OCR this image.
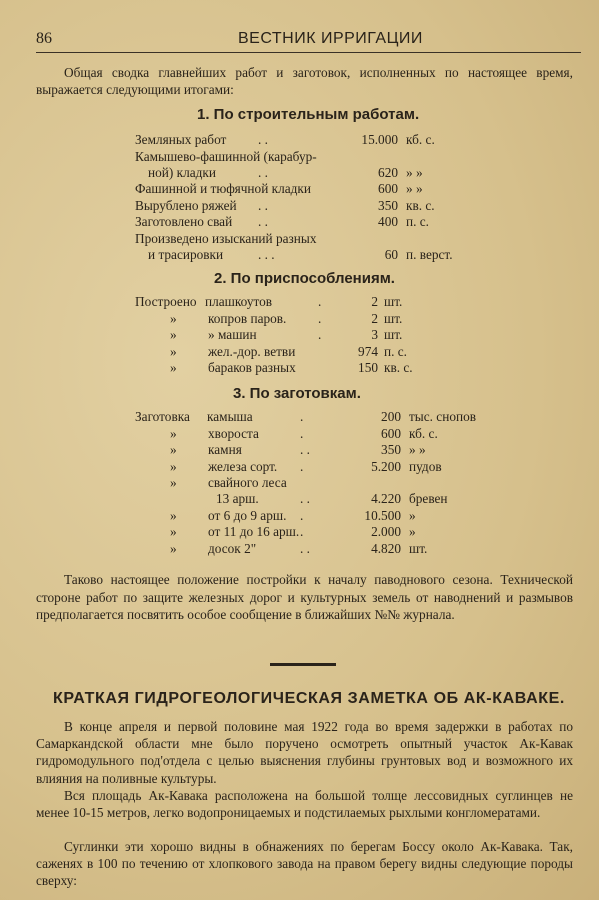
86	ВЕСТНИК ИРРИГАЦИИ
Общая сводка главнейших работ и заготовок, исполненных по настоящее время, выражается следующими итогами:
1. По строительным работам.
Земляных работ . .	15.000 кб. с.
Камышево-фашинной (карабур-
ной) кладки	. .	620 » »
Фашинной и тюфячной кладки	600 » »
Вырублено ряжей . .	350 кв. с.
Заготовлено свай . .	400 п. с.
Произведено изысканий разных
и трасировки	. . .	60 п. верст.
2. По приспособлениям.
Построено плашкоутов	.	2 шт.
» копров паров. .	2 шт.
» » машин	.	3 шт.
» жел.-дор. ветви	974 п. с.
» бараков разных	150 кв. с.
3. По заготовкам.
Заготовка камыша	.	200 тыс. снопов
» хвороста	.	600 кб. с.
» камня	. .	350 » »
» железа сорт. .	5.200 пудов
» свайного леса
13 арш.	. .	4.220 бревен
» от 6 до 9 арш. .	10.500 »
» от 11 до 16 арш. .	2.000 »
» досок 2"	. .	4.820 шт.
Таково настоящее положение постройки к началу паводнового сезона. Технической стороне работ по защите железных дорог и культурных земель от наводнений и размывов предполагается посвятить особое сообщение в ближайших №№ журнала.
КРАТКАЯ ГИДРОГЕОЛОГИЧЕСКАЯ ЗАМЕТКА ОБ АК-КАВАКЕ.
В конце апреля и первой половине мая 1922 года во время задержки в работах по Самаркандской области мне было поручено осмотреть опытный участок Ак-Кавак гидромодульного под'отдела с целью выяснения глубины грунтовых вод и возможного их влияния на поливные культуры.
Вся площадь Ак-Кавака расположена на большой толще лессовидных суглинцев не менее 10-15 метров, легко водопроницаемых и подстилаемых рыхлыми конгломератами.
Суглинки эти хорошо видны в обнажениях по берегам Боссу около Ак-Кавака. Так, саженях в 100 по течению от хлопкового завода на правом берегу видны следующие породы сверху:
